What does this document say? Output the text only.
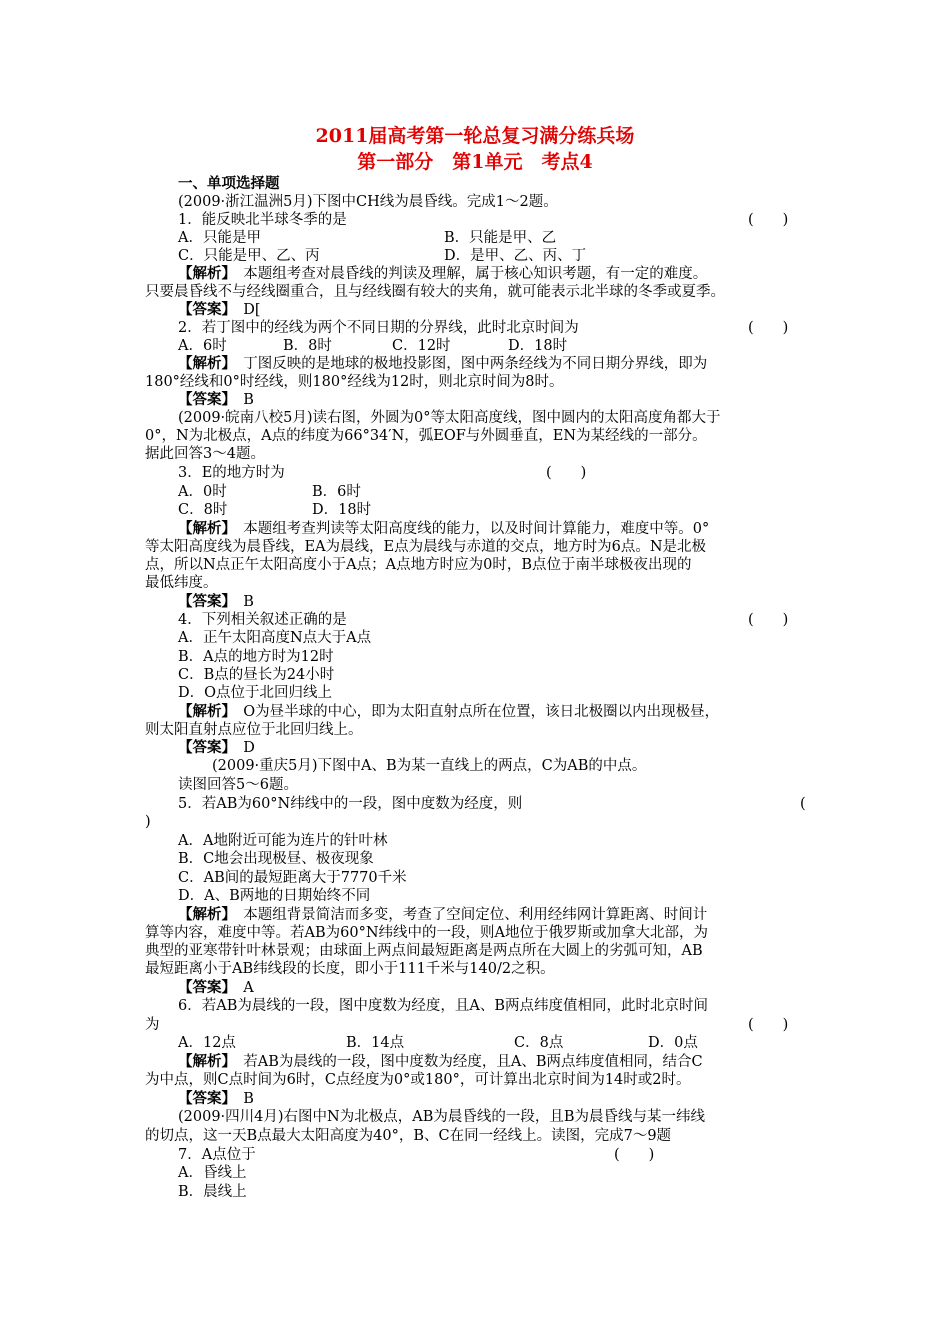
2011届高考第一轮总复习满分练兵场
第一部分　第1单元　考点4
一、单项选择题
(2009·浙江温洲5月)下图中CH线为晨昏线。完成1～2题。
1．能反映北半球冬季的是	(　　)
A．只能是甲	B．只能是甲、乙
C．只能是甲、乙、丙	D．是甲、乙、丙、丁
【解析】　本题组考查对晨昏线的判读及理解，属于核心知识考题，有一定的难度。
只要晨昏线不与经线圈重合，且与经线圈有较大的夹角，就可能表示北半球的冬季或夏季。
【答案】　D[
2．若丁图中的经线为两个不同日期的分界线，此时北京时间为	(　　)
A．6时	B．8时	C．12时	D．18时
【解析】　丁图反映的是地球的极地投影图，图中两条经线为不同日期分界线，即为
180°经线和0°时经线，则180°经线为12时，则北京时间为8时。
【答案】　B
(2009·皖南八校5月)读右图，外圆为0°等太阳高度线，图中圆内的太阳高度角都大于
0°，N为北极点，A点的纬度为66°34′N，弧EOF与外圆垂直，EN为某经线的一部分。
据此回答3～4题。
3．E的地方时为	(　　)
A．0时	B．6时
C．8时	D．18时
【解析】　本题组考查判读等太阳高度线的能力，以及时间计算能力，难度中等。0°
等太阳高度线为晨昏线，EA为晨线，E点为晨线与赤道的交点，地方时为6点。N是北极
点，所以N点正午太阳高度小于A点；A点地方时应为0时，B点位于南半球极夜出现的
最低纬度。
【答案】　B
4．下列相关叙述正确的是	(　　)
A．正午太阳高度N点大于A点
B．A点的地方时为12时
C．B点的昼长为24小时
D．O点位于北回归线上
【解析】　O为昼半球的中心，即为太阳直射点所在位置，该日北极圈以内出现极昼，
则太阳直射点应位于北回归线上。
【答案】　D
(2009·重庆5月)下图中A、B为某一直线上的两点，C为AB的中点。
读图回答5～6题。
5．若AB为60°N纬线中的一段，图中度数为经度，则	(
)
A．A地附近可能为连片的针叶林
B．C地会出现极昼、极夜现象
C．AB间的最短距离大于7770千米
D．A、B两地的日期始终不同
【解析】　本题组背景简洁而多变，考查了空间定位、利用经纬网计算距离、时间计
算等内容，难度中等。若AB为60°N纬线中的一段，则A地位于俄罗斯或加拿大北部，为
典型的亚寒带针叶林景观；由球面上两点间最短距离是两点所在大圆上的劣弧可知，AB
最短距离小于AB纬线段的长度，即小于111千米与140/2之积。
【答案】　A
6．若AB为晨线的一段，图中度数为经度，且A、B两点纬度值相同，此时北京时间
为	(　　)
A．12点	B．14点	C．8点	D．0点
【解析】　若AB为晨线的一段，图中度数为经度，且A、B两点纬度值相同，结合C
为中点，则C点时间为6时，C点经度为0°或180°，可计算出北京时间为14时或2时。
【答案】　B
(2009·四川4月)右图中N为北极点，AB为晨昏线的一段，且B为晨昏线与某一纬线
的切点，这一天B点最大太阳高度为40°，B、C在同一经线上。读图，完成7～9题
7．A点位于	(　　)
A．昏线上
B．晨线上
